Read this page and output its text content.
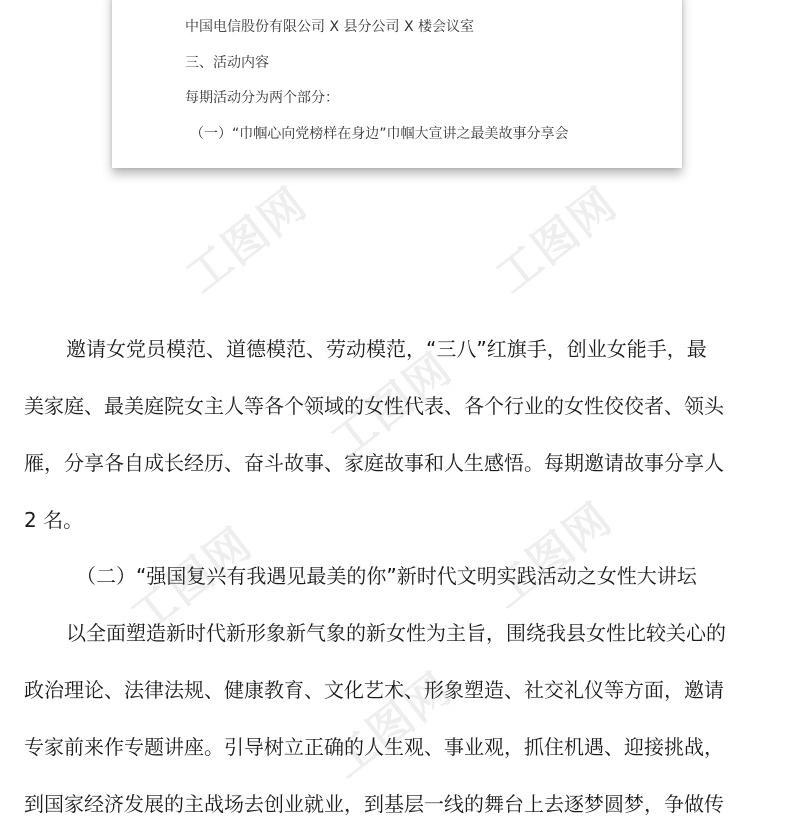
工图网	工图网
工图网
工图网	工图网
工图网
中国电信股份有限公司 X 县分公司 X 楼会议室
三、活动内容
每期活动分为两个部分：
（一）“巾帼心向党榜样在身边”巾帼大宣讲之最美故事分享会
邀请女党员模范、道德模范、劳动模范，“三八”红旗手，创业女能手，最
美家庭、最美庭院女主人等各个领域的女性代表、各个行业的女性佼佼者、领头
雁，分享各自成长经历、奋斗故事、家庭故事和人生感悟。每期邀请故事分享人
2 名。
（二）“强国复兴有我遇见最美的你”新时代文明实践活动之女性大讲坛
以全面塑造新时代新形象新气象的新女性为主旨，围绕我县女性比较关心的
政治理论、法律法规、健康教育、文化艺术、形象塑造、社交礼仪等方面，邀请
专家前来作专题讲座。引导树立正确的人生观、事业观，抓住机遇、迎接挑战，
到国家经济发展的主战场去创业就业，到基层一线的舞台上去逐梦圆梦，争做传
